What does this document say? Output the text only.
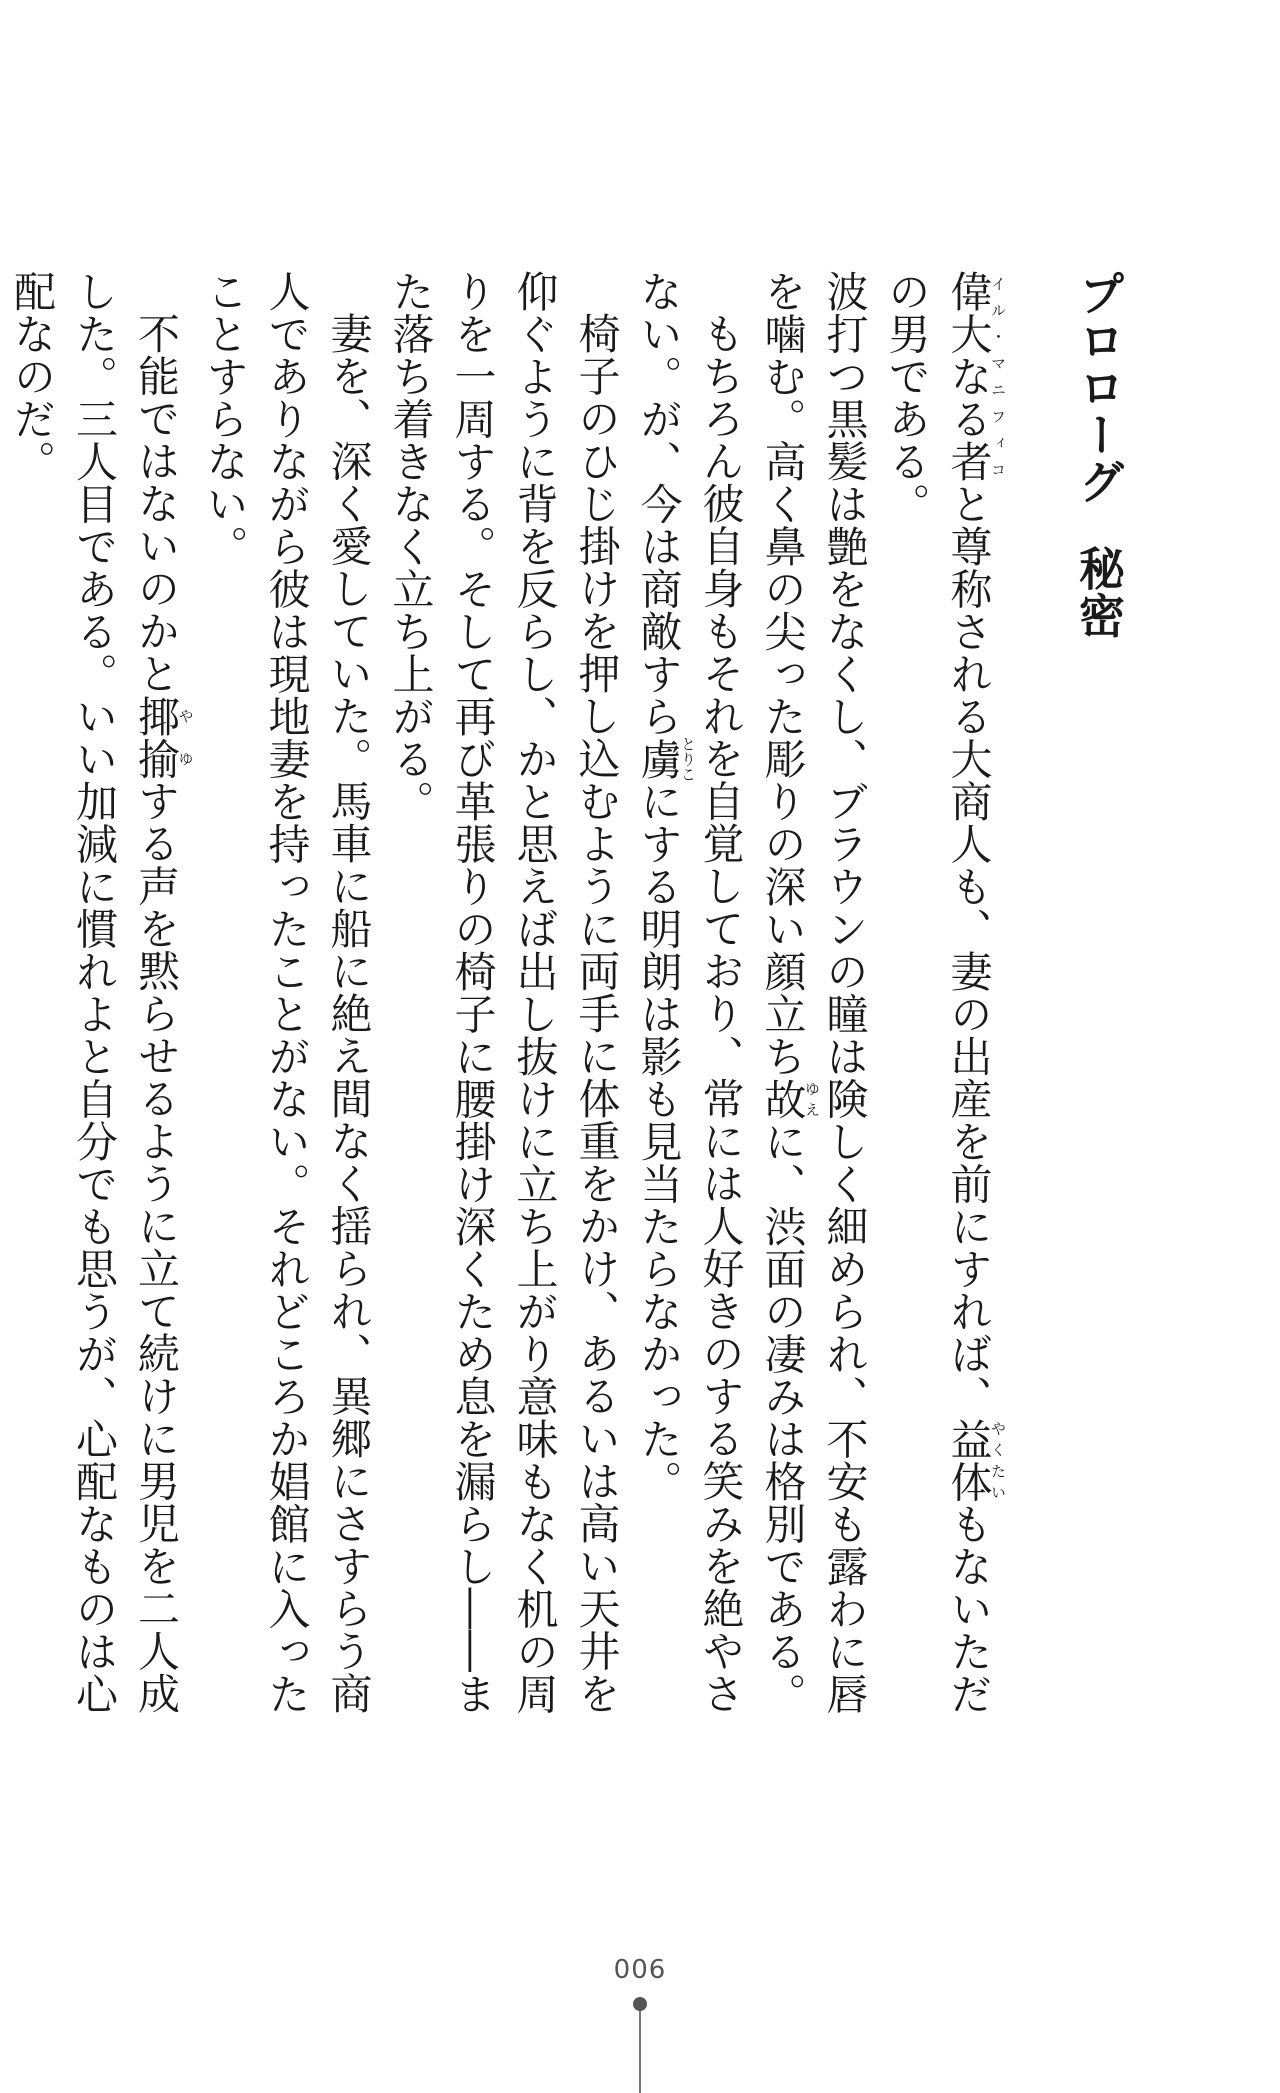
プロローグ秘密

偉大なる者イル・マニフィコと尊称される大商人も、妻の出産を前にすれば、益体やくたいもないただの男である。

波打つ黒髪は艶をなくし、ブラウンの瞳は険しく細められ、不安も露わに唇を噛む。高く鼻の尖った彫りの深い顔立ち故ゆえに、渋面の凄みは格別である。

もちろん彼自身もそれを自覚しており、常には人好きのする笑みを絶やさない。が、今は商敵すら虜とりこにする明朗は影も見当たらなかった。

椅子のひじ掛けを押し込むように両手に体重をかけ、あるいは高い天井を仰ぐように背を反らし、かと思えば出し抜けに立ち上がり意味もなく机の周りを一周する。そして再び革張りの椅子に腰掛け深くため息を漏らし――また落ち着きなく立ち上がる。

妻を、深く愛していた。馬車に船に絶え間なく揺られ、異郷にさすらう商人でありながら彼は現地妻を持ったことがない。それどころか娼館に入ったことすらない。

不能ではないのかと揶揄やゆする声を黙らせるように立て続けに男児を二人成した。三人目である。いい加減に慣れよと自分でも思うが、心配なものは心配なのだ。

006
